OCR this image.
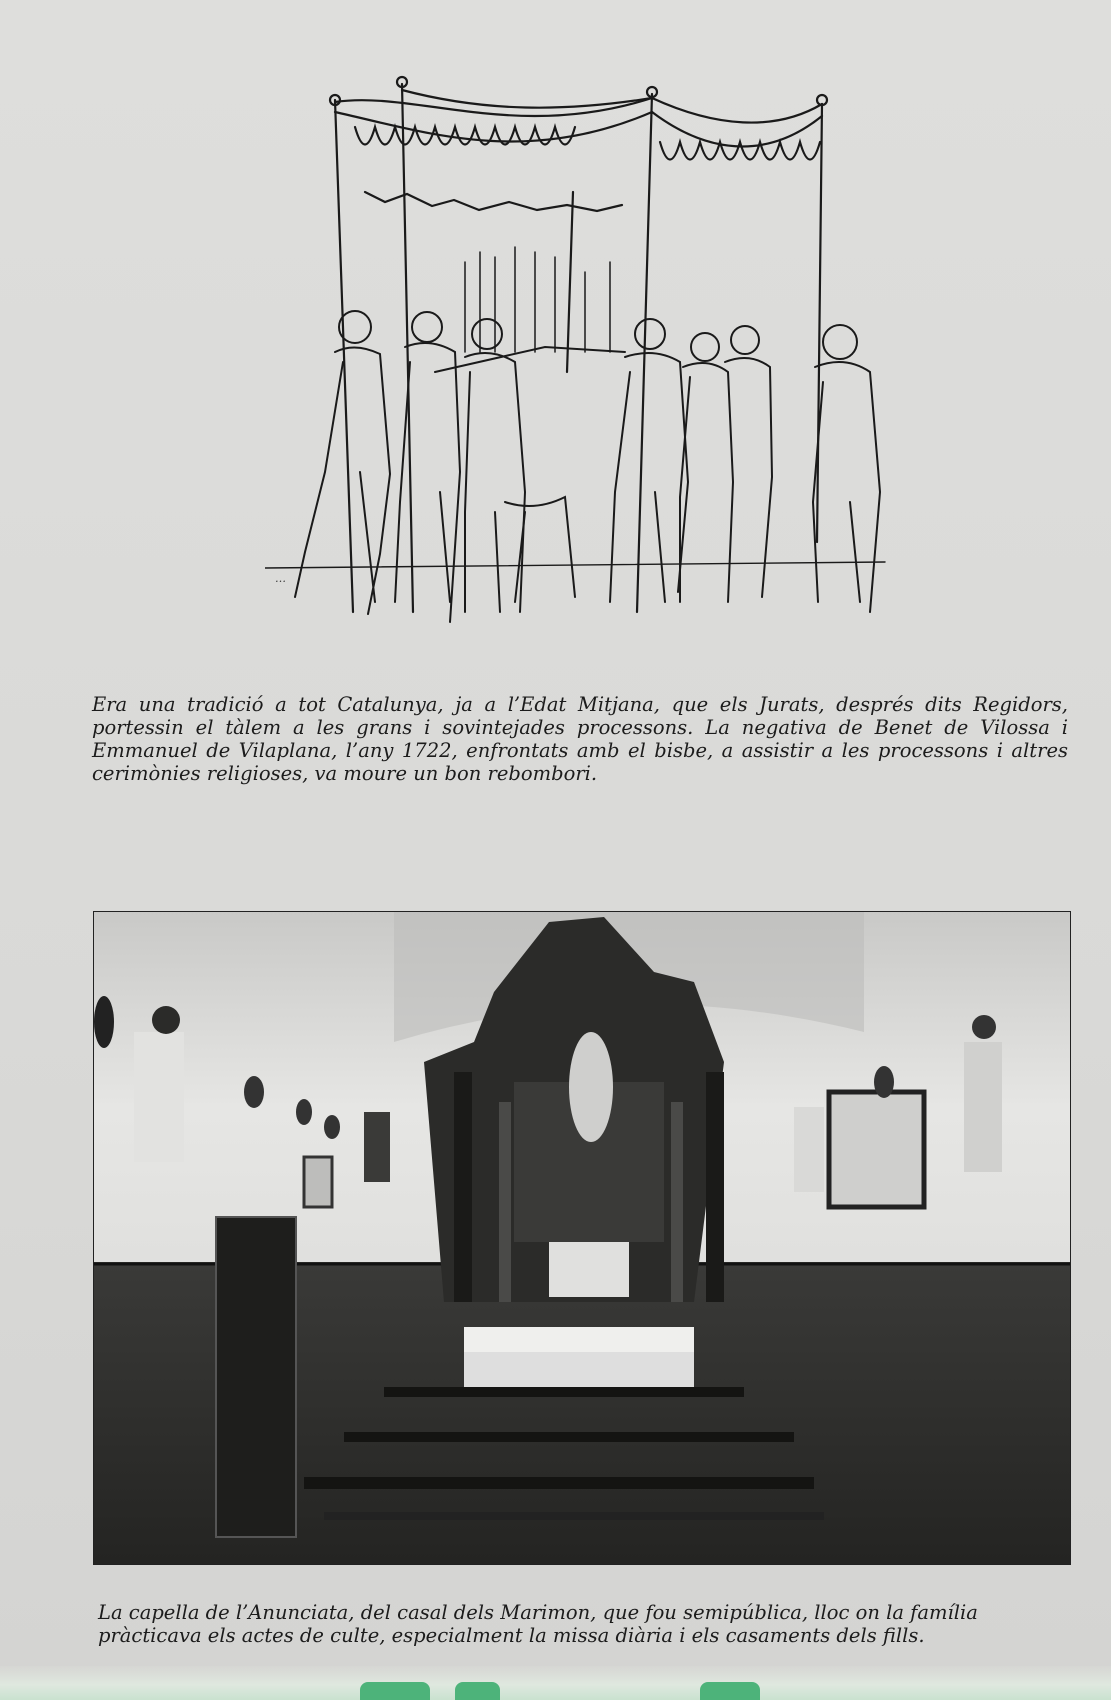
…

Era una tradició a tot Catalunya, ja a l’Edat Mitjana, que els Jurats, després dits Regidors, portessin el tàlem a les grans i sovintejades processons. La negativa de Benet de Vilossa i Emmanuel de Vilaplana, l’any 1722, enfrontats amb el bisbe, a assistir a les processons i altres cerimònies religioses, va moure un bon rebombori.

La capella de l’Anunciata, del casal dels Marimon, que fou semipública, lloc on la família pràcticava els actes de culte, especialment la missa diària i els casaments dels fills.
